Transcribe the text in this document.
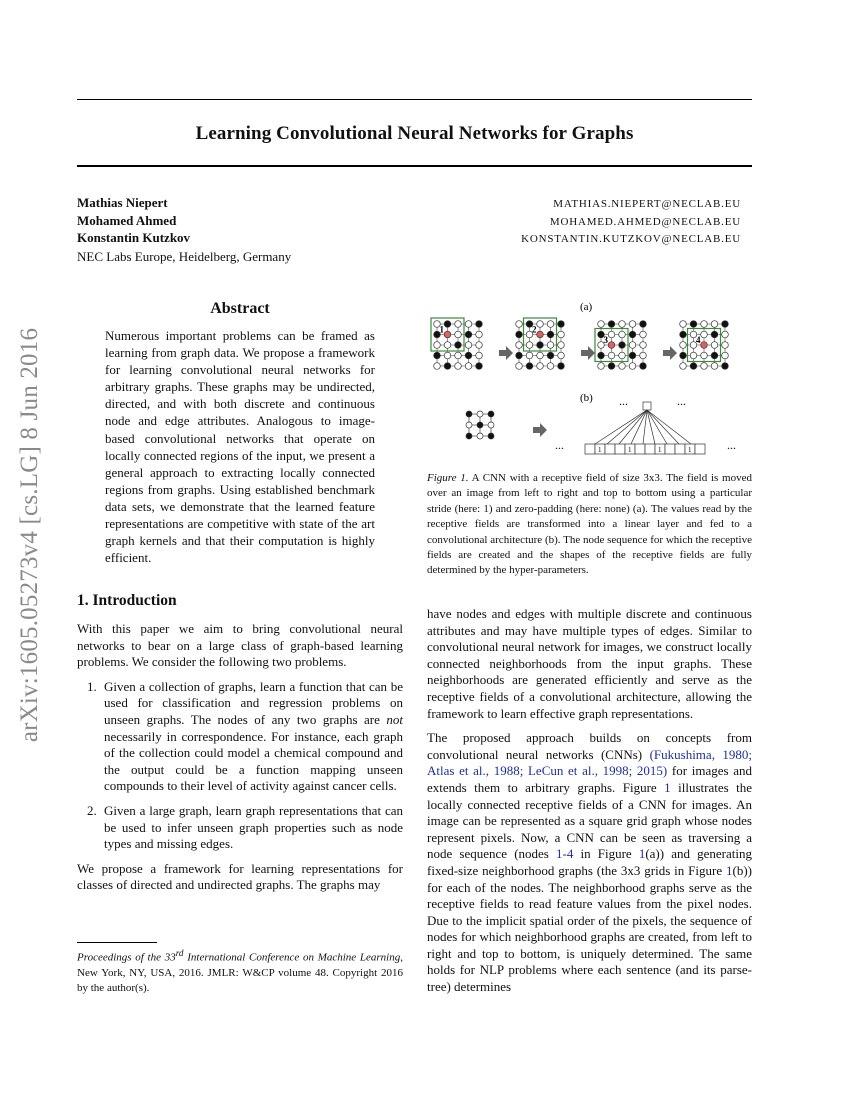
Learning Convolutional Neural Networks for Graphs
Mathias Niepert
Mohamed Ahmed
Konstantin Kutzkov
NEC Labs Europe, Heidelberg, Germany
MATHIAS.NIEPERT@NECLAB.EU
MOHAMED.AHMED@NECLAB.EU
KONSTANTIN.KUTZKOV@NECLAB.EU
arXiv:1605.05273v4 [cs.LG] 8 Jun 2016
Abstract

Numerous important problems can be framed as learning from graph data. We propose a framework for learning convolutional neural networks for arbitrary graphs. These graphs may be undirected, directed, and with both discrete and continuous node and edge attributes. Analogous to image-based convolutional networks that operate on locally connected regions of the input, we present a general approach to extracting locally connected regions from graphs. Using established benchmark data sets, we demonstrate that the learned feature representations are competitive with state of the art graph kernels and that their computation is highly efficient.

1. Introduction

With this paper we aim to bring convolutional neural networks to bear on a large class of graph-based learning problems. We consider the following two problems.

1. Given a collection of graphs, learn a function that can be used for classification and regression problems on unseen graphs. The nodes of any two graphs are not necessarily in correspondence. For instance, each graph of the collection could model a chemical compound and the output could be a function mapping unseen compounds to their level of activity against cancer cells.
2. Given a large graph, learn graph representations that can be used to infer unseen graph properties such as node types and missing edges.

We propose a framework for learning representations for classes of directed and undirected graphs. The graphs may

Proceedings of the 33rd International Conference on Machine Learning, New York, NY, USA, 2016. JMLR: W&CP volume 48. Copyright 2016 by the author(s).
(a)
1	2
3	4
(b)
1	1	1	1
...	...
...	...
Figure 1. A CNN with a receptive field of size 3x3. The field is moved over an image from left to right and top to bottom using a particular stride (here: 1) and zero-padding (here: none) (a). The values read by the receptive fields are transformed into a linear layer and fed to a convolutional architecture (b). The node sequence for which the receptive fields are created and the shapes of the receptive fields are fully determined by the hyper-parameters.

have nodes and edges with multiple discrete and continuous attributes and may have multiple types of edges. Similar to convolutional neural network for images, we construct locally connected neighborhoods from the input graphs. These neighborhoods are generated efficiently and serve as the receptive fields of a convolutional architecture, allowing the framework to learn effective graph representations.

The proposed approach builds on concepts from convolutional neural networks (CNNs) (Fukushima, 1980; Atlas et al., 1988; LeCun et al., 1998; 2015) for images and extends them to arbitrary graphs. Figure 1 illustrates the locally connected receptive fields of a CNN for images. An image can be represented as a square grid graph whose nodes represent pixels. Now, a CNN can be seen as traversing a node sequence (nodes 1-4 in Figure 1(a)) and generating fixed-size neighborhood graphs (the 3x3 grids in Figure 1(b)) for each of the nodes. The neighborhood graphs serve as the receptive fields to read feature values from the pixel nodes. Due to the implicit spatial order of the pixels, the sequence of nodes for which neighborhood graphs are created, from left to right and top to bottom, is uniquely determined. The same holds for NLP problems where each sentence (and its parse-tree) determines
